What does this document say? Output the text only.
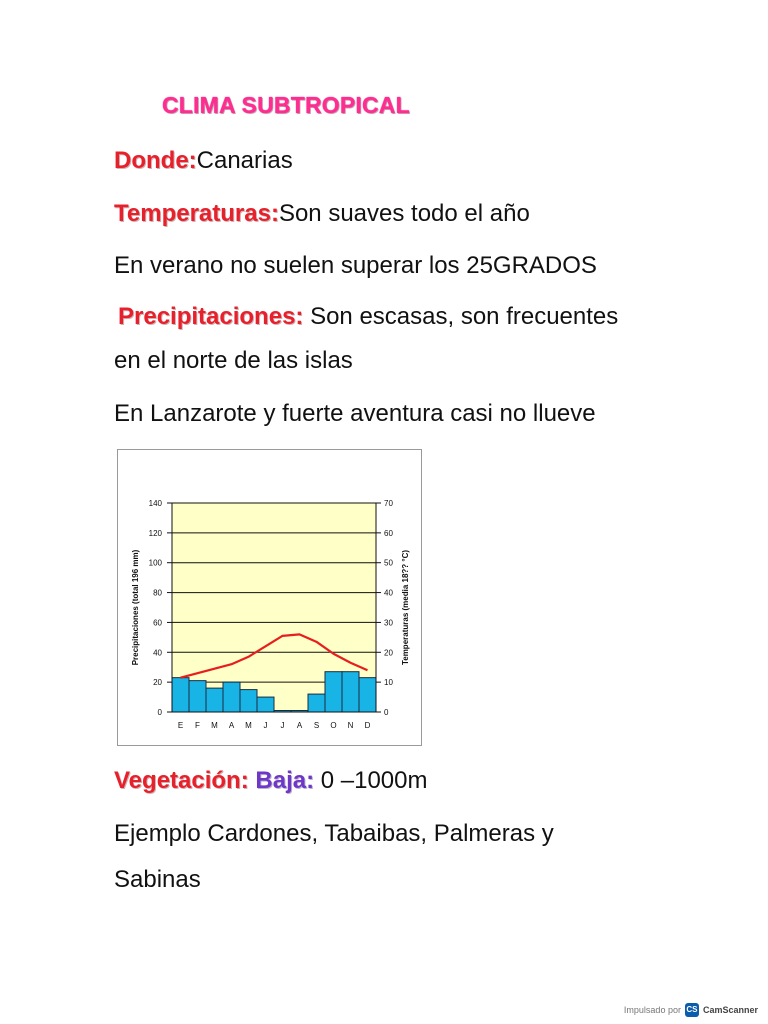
CLIMA SUBTROPICAL
Donde:Canarias
Temperaturas:Son suaves todo el año
En verano no suelen superar los 25GRADOS
Precipitaciones: Son escasas, son frecuentes
en el norte de las islas
En Lanzarote y fuerte aventura casi no llueve
0
20
40
60
80
100
120
140
0
10
20
30
40
50
60
70
E F M A M J J A S O N D
Precipitaciones (total 196 mm)	Temperaturas (media 18?? °C)
Vegetación: Baja: 0 –1000m
Ejemplo Cardones, Tabaibas, Palmeras y
Sabinas
Impulsado por CS CamScanner
